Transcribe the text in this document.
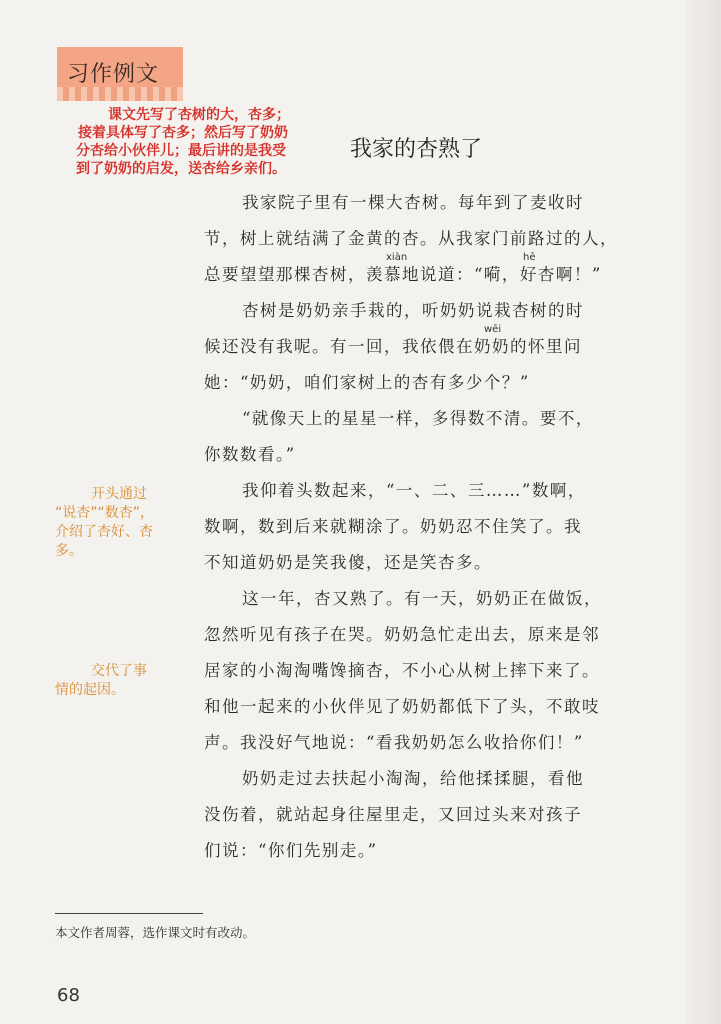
习作例文
课文先写了杏树的大，杏多；
接着具体写了杏多；然后写了奶奶
分杏给小伙伴儿；最后讲的是我受
到了奶奶的启发，送杏给乡亲们。
我家的杏熟了
我家院子里有一棵大杏树。每年到了麦收时
节，树上就结满了金黄的杏。从我家门前路过的人，
xiàn	hē
总要望望那棵杏树，羡慕地说道：“嗬，好杏啊！”
杏树是奶奶亲手栽的，听奶奶说栽杏树的时
wēi
候还没有我呢。有一回，我依偎在奶奶的怀里问
她：“奶奶，咱们家树上的杏有多少个？”
“就像天上的星星一样，多得数不清。要不，
你数数看。”
我仰着头数起来，“一、二、三……”数啊，
数啊，数到后来就糊涂了。奶奶忍不住笑了。我
不知道奶奶是笑我傻，还是笑杏多。
这一年，杏又熟了。有一天，奶奶正在做饭，
忽然听见有孩子在哭。奶奶急忙走出去，原来是邻
居家的小淘淘嘴馋摘杏，不小心从树上摔下来了。
和他一起来的小伙伴见了奶奶都低下了头，不敢吱
声。我没好气地说：“看我奶奶怎么收拾你们！”
奶奶走过去扶起小淘淘，给他揉揉腿，看他
没伤着，就站起身往屋里走，又回过头来对孩子
们说：“你们先别走。”
开头通过
“说杏”“数杏”，
介绍了杏好、杏
多。
交代了事
情的起因。
本文作者周蓉，选作课文时有改动。
68
